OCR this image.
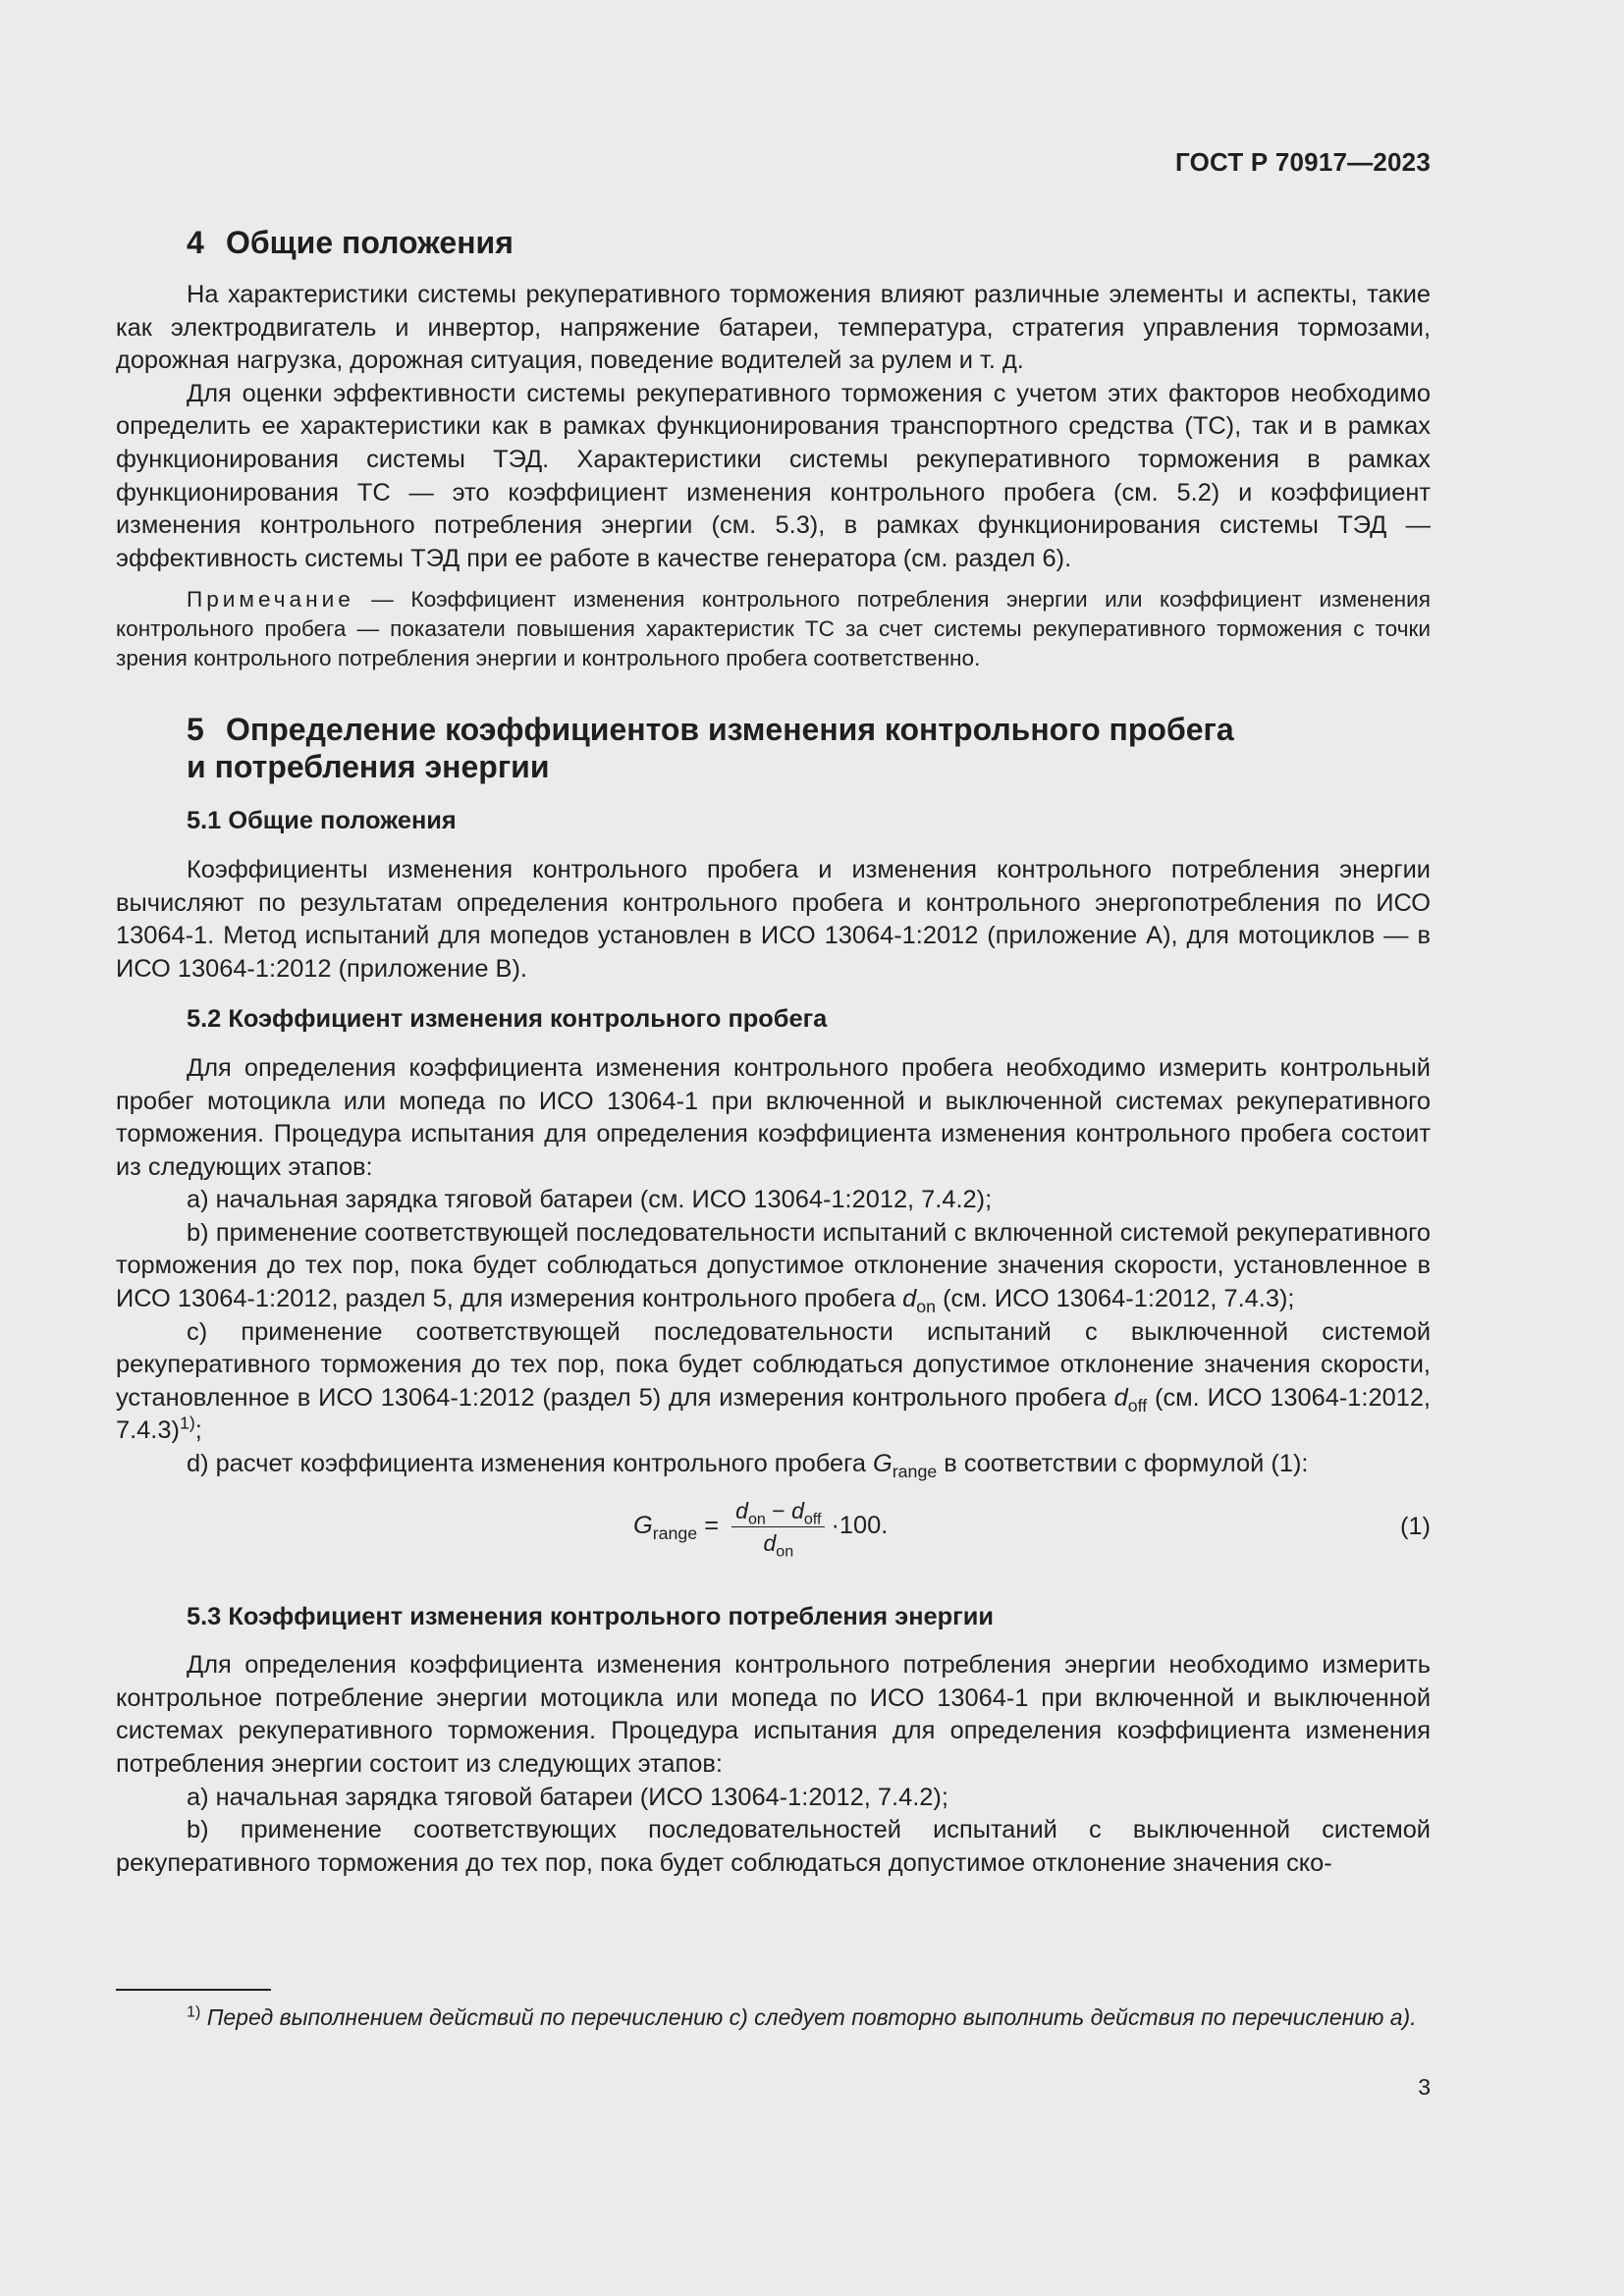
ГОСТ Р 70917—2023
4 Общие положения

На характеристики системы рекуперативного торможения влияют различные элементы и аспекты, такие как электродвигатель и инвертор, напряжение батареи, температура, стратегия управления тормозами, дорожная нагрузка, дорожная ситуация, поведение водителей за рулем и т. д.

Для оценки эффективности системы рекуперативного торможения с учетом этих факторов необходимо определить ее характеристики как в рамках функционирования транспортного средства (ТС), так и в рамках функционирования системы ТЭД. Характеристики системы рекуперативного торможения в рамках функционирования ТС — это коэффициент изменения контрольного пробега (см. 5.2) и коэффициент изменения контрольного потребления энергии (см. 5.3), в рамках функционирования системы ТЭД — эффективность системы ТЭД при ее работе в качестве генератора (см. раздел 6).

Примечание — Коэффициент изменения контрольного потребления энергии или коэффициент изменения контрольного пробега — показатели повышения характеристик ТС за счет системы рекуперативного торможения с точки зрения контрольного потребления энергии и контрольного пробега соответственно.

5 Определение коэффициентов изменения контрольного пробега
и потребления энергии
5.1 Общие положения

Коэффициенты изменения контрольного пробега и изменения контрольного потребления энергии вычисляют по результатам определения контрольного пробега и контрольного энергопотребления по ИСО 13064-1. Метод испытаний для мопедов установлен в ИСО 13064-1:2012 (приложение А), для мотоциклов — в ИСО 13064-1:2012 (приложение В).

5.2 Коэффициент изменения контрольного пробега

Для определения коэффициента изменения контрольного пробега необходимо измерить контрольный пробег мотоцикла или мопеда по ИСО 13064-1 при включенной и выключенной системах рекуперативного торможения. Процедура испытания для определения коэффициента изменения контрольного пробега состоит из следующих этапов:

a) начальная зарядка тяговой батареи (см. ИСО 13064-1:2012, 7.4.2);

b) применение соответствующей последовательности испытаний с включенной системой рекуперативного торможения до тех пор, пока будет соблюдаться допустимое отклонение значения скорости, установленное в ИСО 13064-1:2012, раздел 5, для измерения контрольного пробега $d_{on}$ (см. ИСО 13064-1:2012, 7.4.3);

c) применение соответствующей последовательности испытаний с выключенной системой рекуперативного торможения до тех пор, пока будет соблюдаться допустимое отклонение значения скорости, установленное в ИСО 13064-1:2012 (раздел 5) для измерения контрольного пробега $d_{off}$ (см. ИСО 13064-1:2012, 7.4.3)$^{1)}$;

d) расчет коэффициента изменения контрольного пробега $G_{range}$ в соответствии с формулой (1):

$G_{range} = \frac{d_{on} - d_{off}}{d_{on}} \cdot 100$.	(1)
5.3 Коэффициент изменения контрольного потребления энергии

Для определения коэффициента изменения контрольного потребления энергии необходимо измерить контрольное потребление энергии мотоцикла или мопеда по ИСО 13064-1 при включенной и выключенной системах рекуперативного торможения. Процедура испытания для определения коэффициента изменения потребления энергии состоит из следующих этапов:

a) начальная зарядка тяговой батареи (ИСО 13064-1:2012, 7.4.2);

b) применение соответствующих последовательностей испытаний с выключенной системой рекуперативного торможения до тех пор, пока будет соблюдаться допустимое отклонение значения ско-

$^{1)}$ Перед выполнением действий по перечислению c) следует повторно выполнить действия по перечислению a).
3
